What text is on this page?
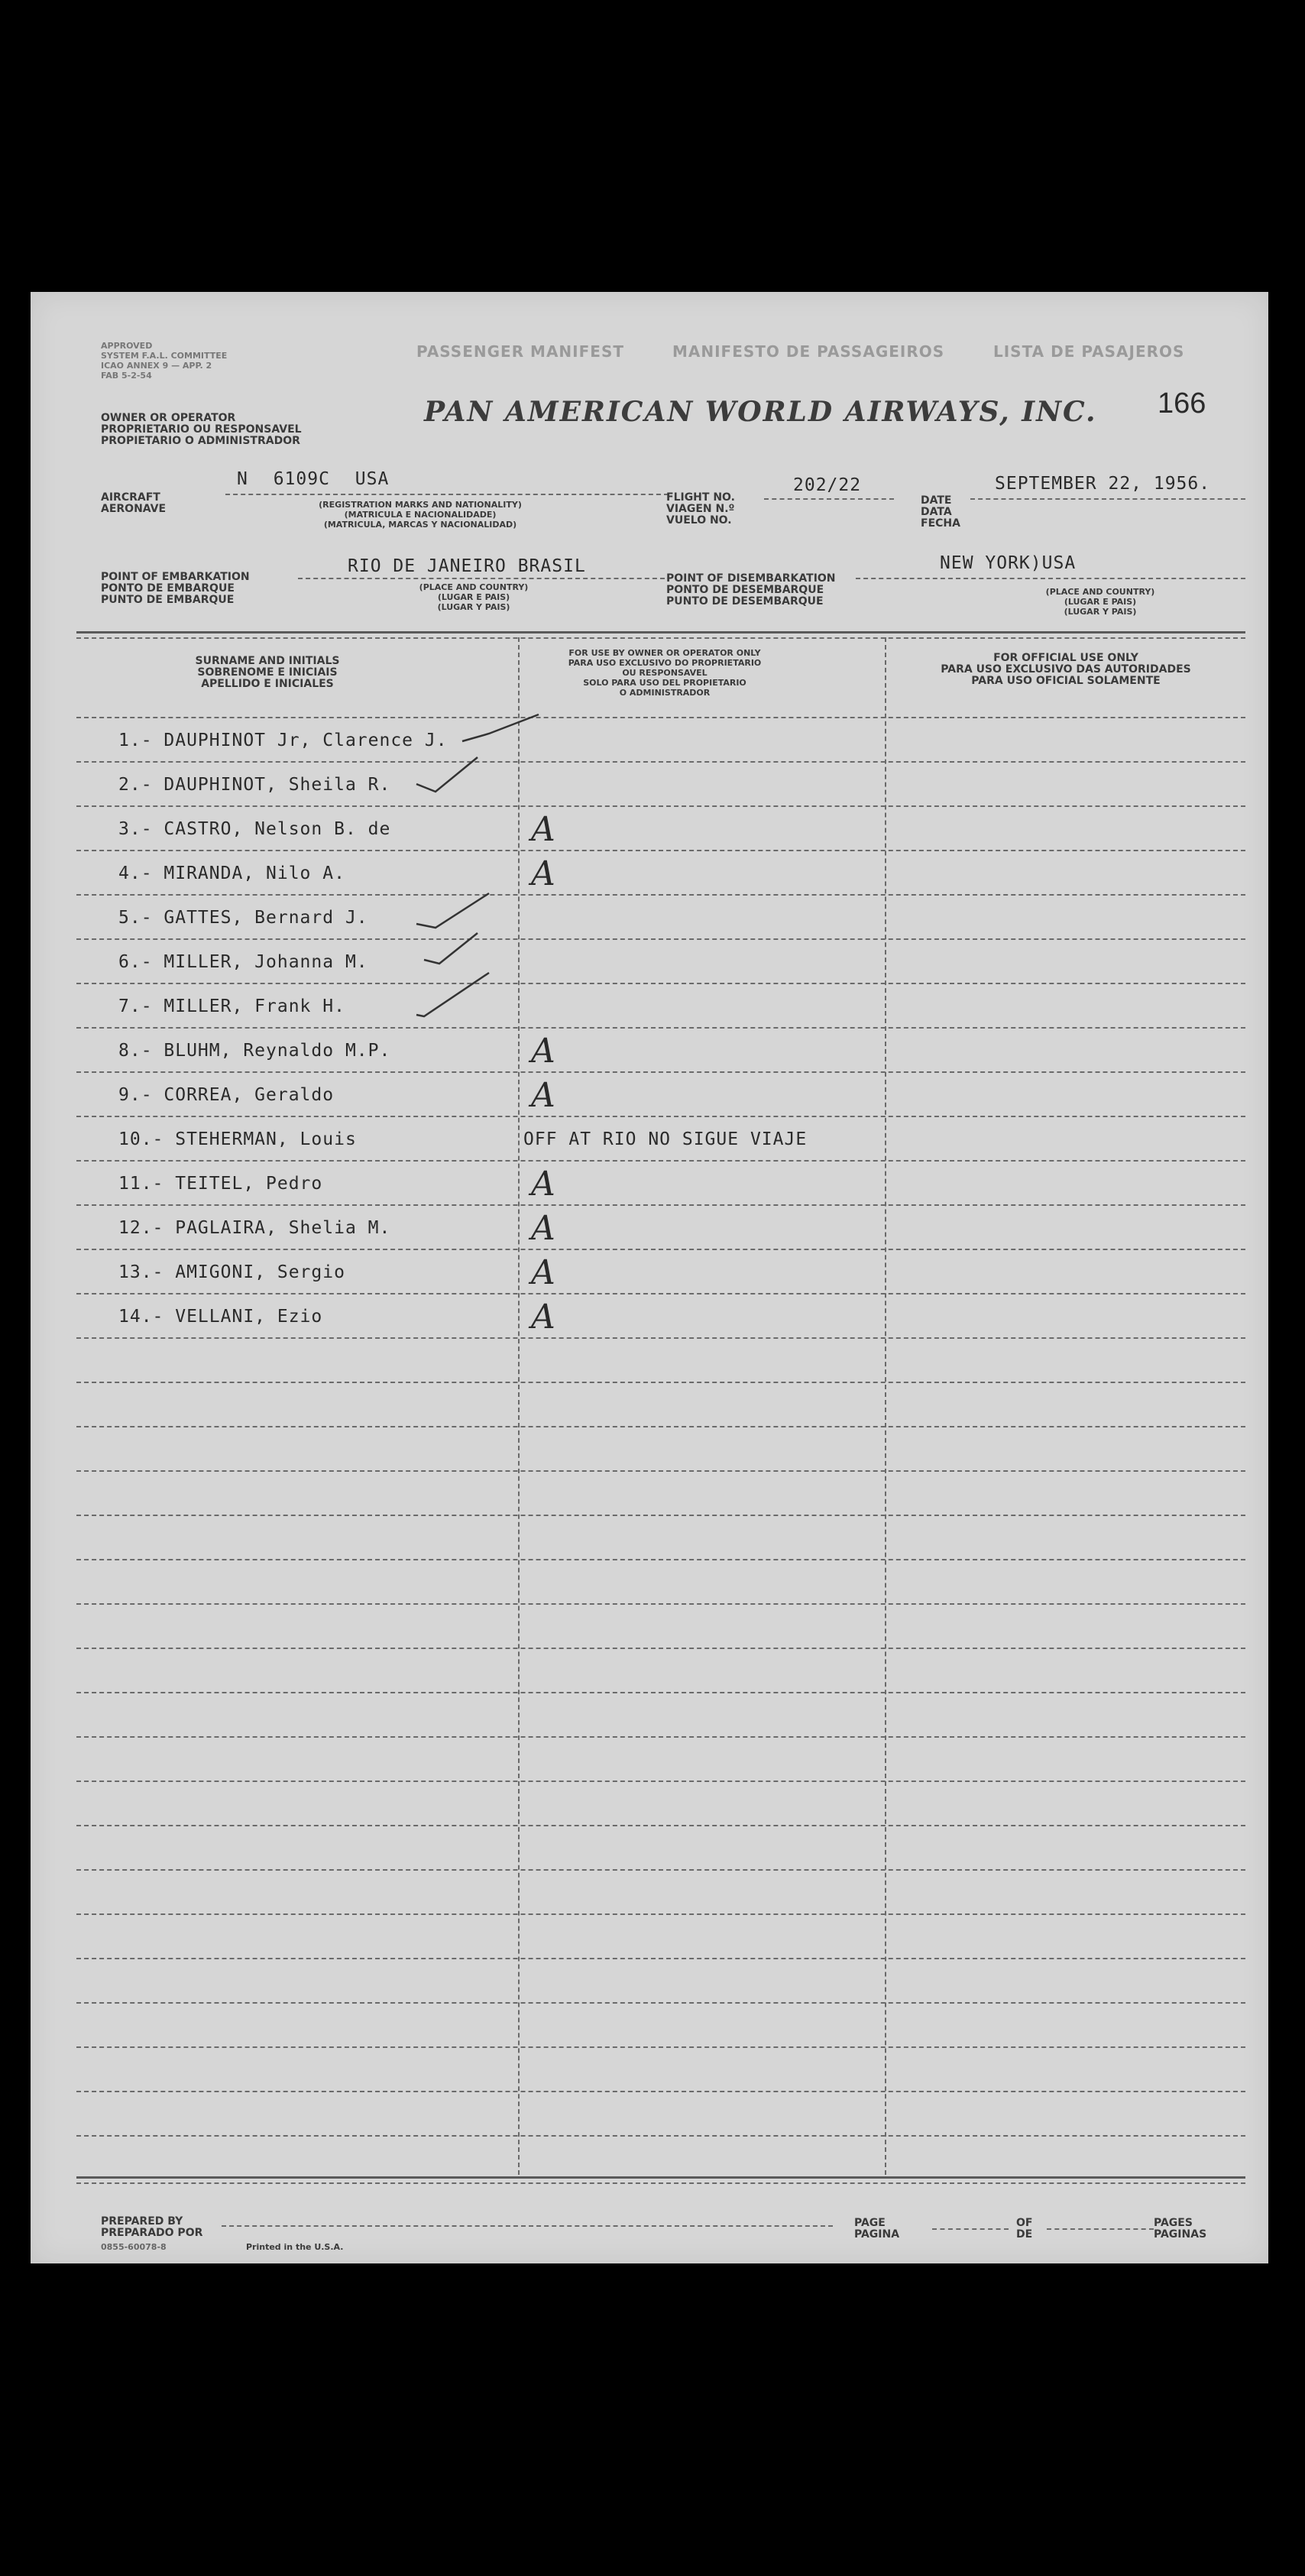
APPROVED
SYSTEM F.A.L. COMMITTEE
ICAO ANNEX 9 — APP. 2
FAB 5-2-54
OWNER OR OPERATOR
PROPRIETARIO OU RESPONSAVEL
PROPIETARIO O ADMINISTRADOR
PASSENGER MANIFEST	MANIFESTO DE PASSAGEIROS	LISTA DE PASAJEROS
PAN AMERICAN WORLD AIRWAYS, INC. 166
AIRCRAFT
AERONAVE
N 6109C USA
(REGISTRATION MARKS AND NATIONALITY)
(MATRICULA E NACIONALIDADE)
(MATRICULA, MARCAS Y NACIONALIDAD)
FLIGHT NO.
VIAGEN N.º
VUELO NO.
202/22
DATE
DATA
FECHA
SEPTEMBER 22, 1956.
POINT OF EMBARKATION
PONTO DE EMBARQUE
PUNTO DE EMBARQUE
RIO DE JANEIRO BRASIL
(PLACE AND COUNTRY)
(LUGAR E PAIS)
(LUGAR Y PAIS)
POINT OF DISEMBARKATION
PONTO DE DESEMBARQUE
PUNTO DE DESEMBARQUE
NEW YORK)USA
(PLACE AND COUNTRY)
(LUGAR E PAIS)
(LUGAR Y PAIS)
SURNAME AND INITIALS
SOBRENOME E INICIAIS
APELLIDO E INICIALES
FOR USE BY OWNER OR OPERATOR ONLY
PARA USO EXCLUSIVO DO PROPRIETARIO
OU RESPONSAVEL
SOLO PARA USO DEL PROPIETARIO
O ADMINISTRADOR
FOR OFFICIAL USE ONLY
PARA USO EXCLUSIVO DAS AUTORIDADES
PARA USO OFICIAL SOLAMENTE
1.- DAUPHINOT Jr, Clarence J.
2.- DAUPHINOT, Sheila R.
3.- CASTRO, Nelson B. de	A
4.- MIRANDA, Nilo A.	A
5.- GATTES, Bernard J.
6.- MILLER, Johanna M.
7.- MILLER, Frank H.
8.- BLUHM, Reynaldo M.P.	A
9.- CORREA, Geraldo	A
10.- STEHERMAN, Louis	OFF AT RIO NO SIGUE VIAJE
11.- TEITEL, Pedro	A
12.- PAGLAIRA, Shelia M.	A
13.- AMIGONI, Sergio	A
14.- VELLANI, Ezio	A
PREPARED BY
PREPARADO POR
0855-60078-8	Printed in the U.S.A.
PAGE
PAGINA
OF
DE
PAGES
PAGINAS
